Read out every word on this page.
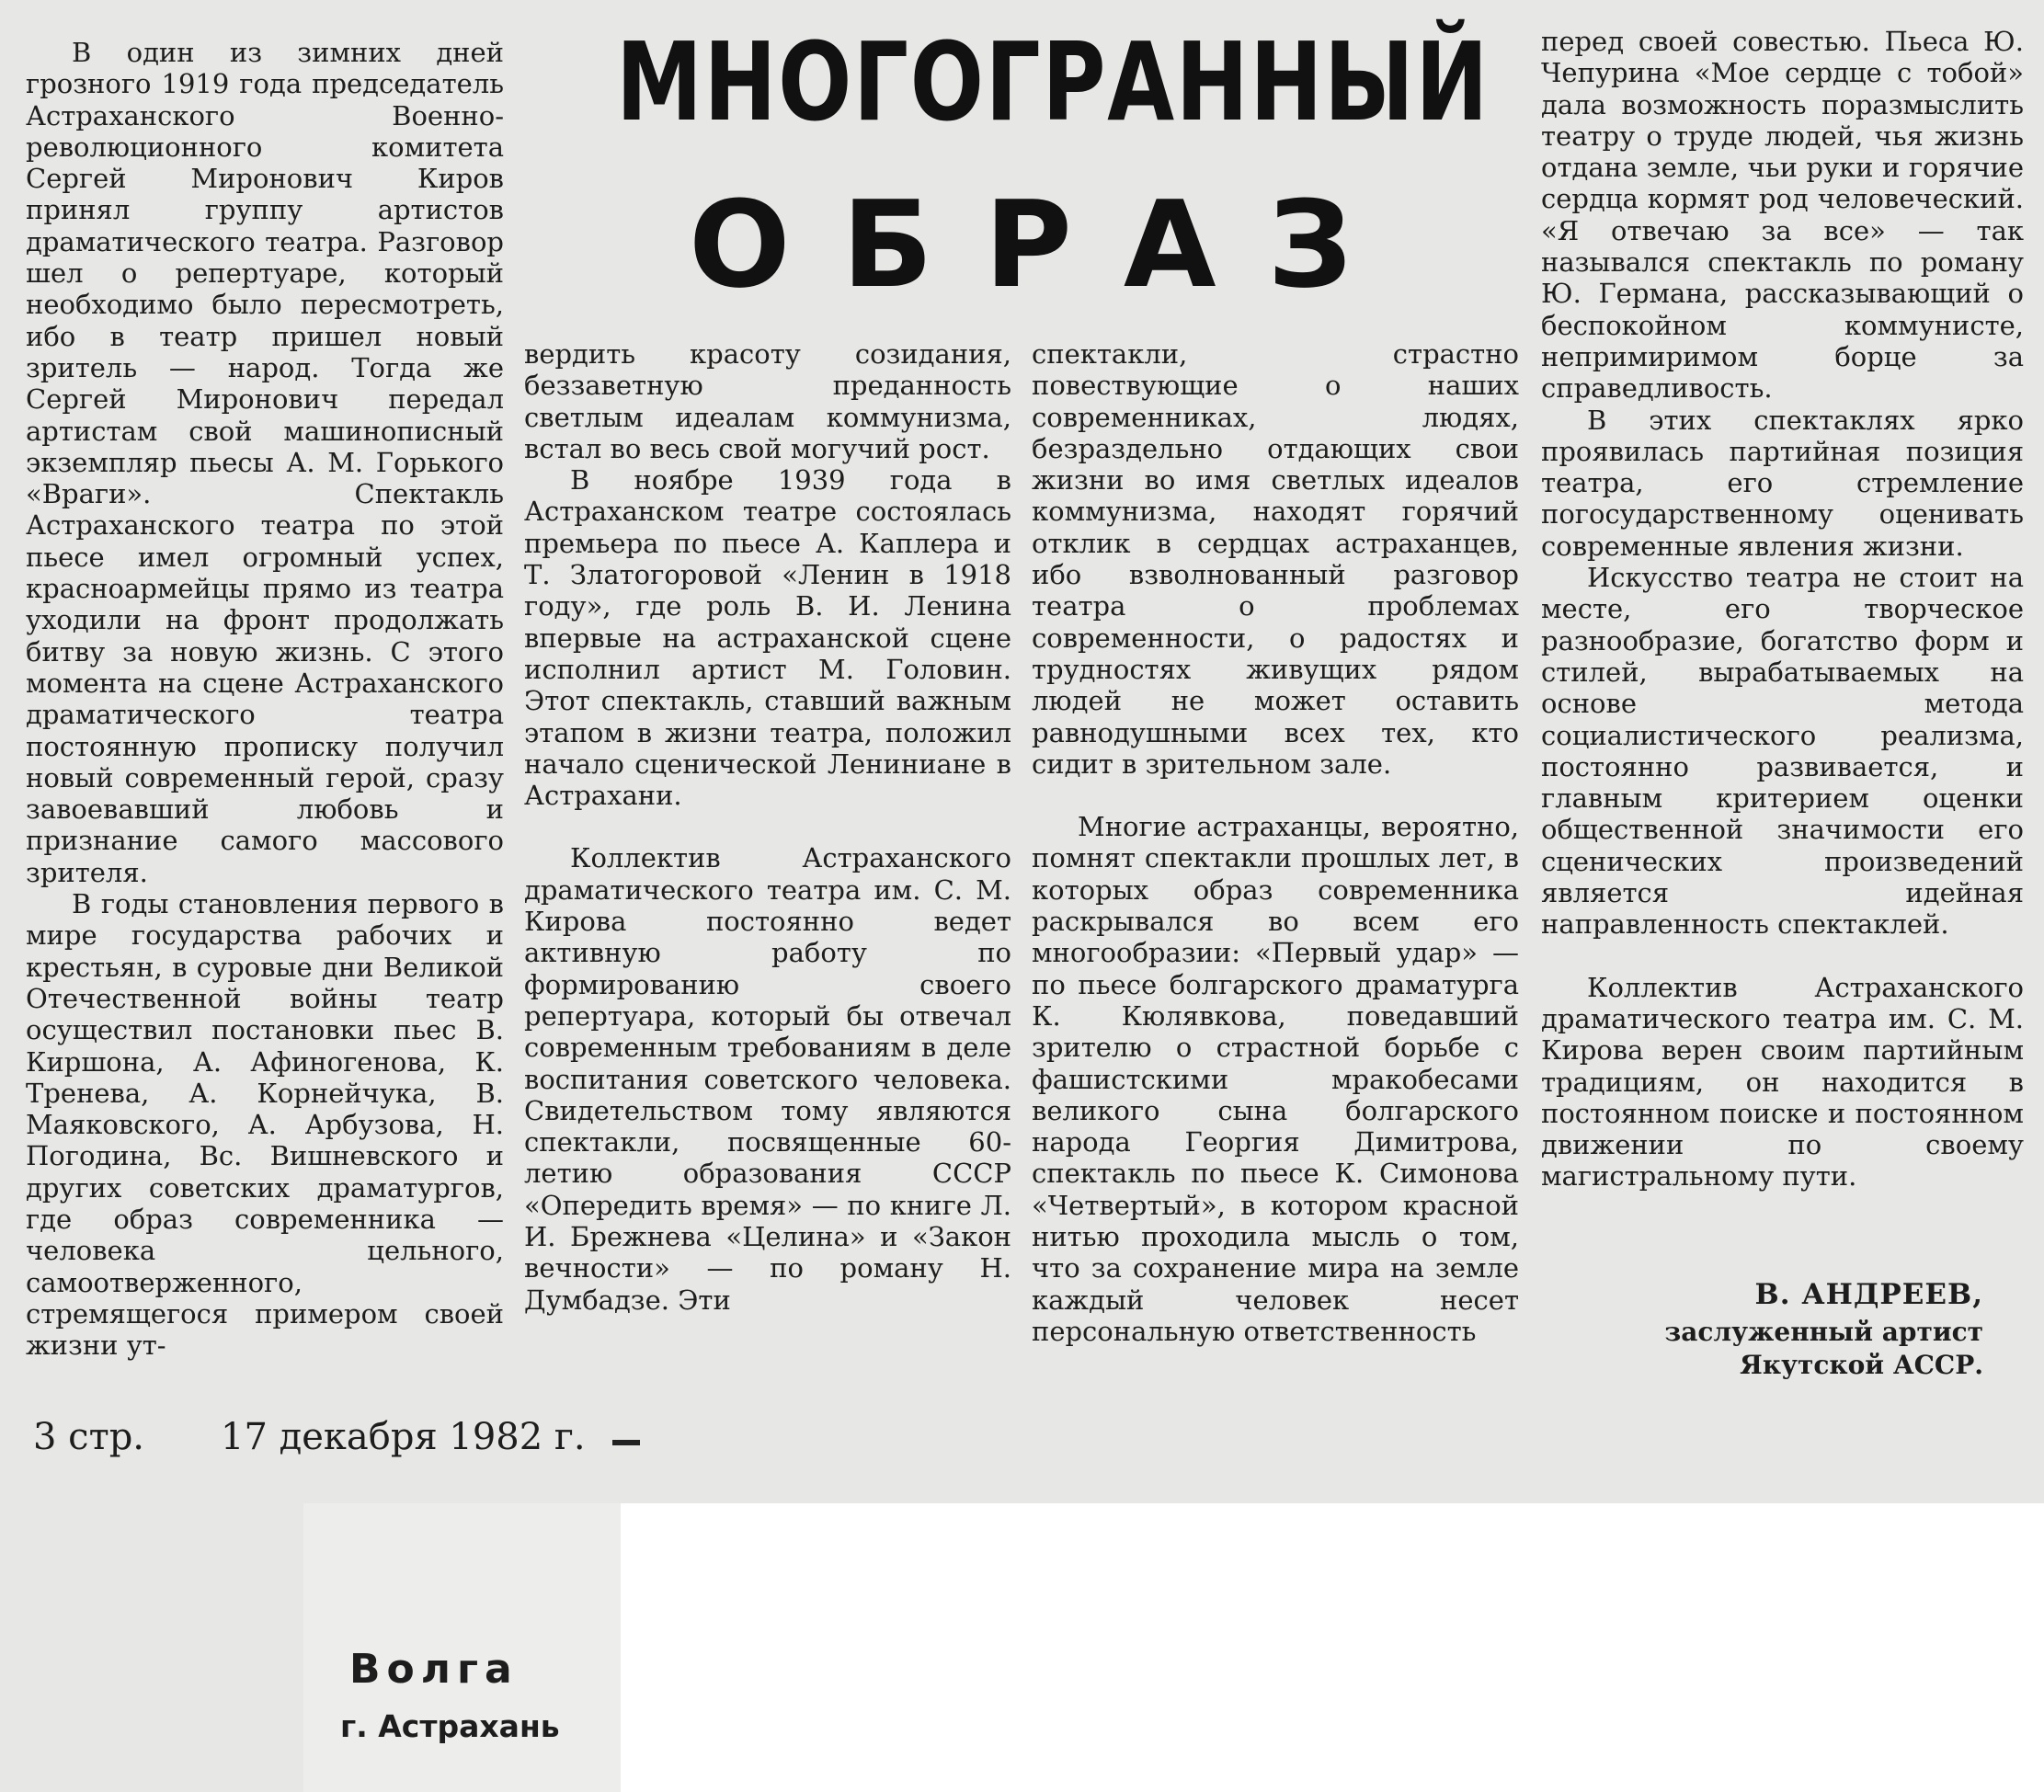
МНОГОГРАННЫЙ
ОБРАЗ

В один из зимних дней грозного 1919 года председатель Астраханского Военно-революционного комитета Сергей Миронович Киров принял группу артистов драматического театра. Разговор шел о репертуаре, который необходимо было пересмотреть, ибо в театр пришел новый зритель — народ. Тогда же Сергей Миронович передал артистам свой машинописный экземпляр пьесы А. М. Горького «Враги». Спектакль Астраханского театра по этой пьесе имел огромный успех, красноармейцы прямо из театра уходили на фронт продолжать битву за новую жизнь. С этого момента на сцене Астраханского драматического театра постоянную прописку получил новый современный герой, сразу завоевавший любовь и признание самого массового зрителя.

В годы становления первого в мире государства рабочих и крестьян, в суровые дни Великой Отечественной войны театр осуществил постановки пьес В. Киршона, А. Афиногенова, К. Тренева, А. Корнейчука, В. Маяковского, А. Арбузова, Н. Погодина, Вс. Вишневского и других советских драматургов, где образ современника — человека цельного, самоотверженного, стремящегося примером своей жизни ут-

вердить красоту созидания, беззаветную преданность светлым идеалам коммунизма, встал во весь свой могучий рост.

В ноябре 1939 года в Астраханском театре состоялась премьера по пьесе А. Каплера и Т. Златогоровой «Ленин в 1918 году», где роль В. И. Ленина впервые на астраханской сцене исполнил артист М. Головин. Этот спектакль, ставший важным этапом в жизни театра, положил начало сценической Лениниане в Астрахани.

Коллектив Астраханского драматического театра им. С. М. Кирова постоянно ведет активную работу по формированию своего репертуара, который бы отвечал современным требованиям в деле воспитания советского человека. Свидетельством тому являются спектакли, посвященные 60-летию образования СССР «Опередить время» — по книге Л. И. Брежнева «Целина» и «Закон вечности» — по роману Н. Думбадзе. Эти

спектакли, страстно повествующие о наших современниках, людях, безраздельно отдающих свои жизни во имя светлых идеалов коммунизма, находят горячий отклик в сердцах астраханцев, ибо взволнованный разговор театра о проблемах современности, о радостях и трудностях живущих рядом людей не может оставить равнодушными всех тех, кто сидит в зрительном зале.

Многие астраханцы, вероятно, помнят спектакли прошлых лет, в которых образ современника раскрывался во всем его многообразии: «Первый удар» — по пьесе болгарского драматурга К. Кюлявкова, поведавший зрителю о страстной борьбе с фашистскими мракобесами великого сына болгарского народа Георгия Димитрова, спектакль по пьесе К. Симонова «Четвертый», в котором красной нитью проходила мысль о том, что за сохранение мира на земле каждый человек несет персональную ответственность

перед своей совестью. Пьеса Ю. Чепурина «Мое сердце с тобой» дала возможность поразмыслить театру о труде людей, чья жизнь отдана земле, чьи руки и горячие сердца кормят род человеческий. «Я отвечаю за все» — так назывался спектакль по роману Ю. Германа, рассказывающий о беспокойном коммунисте, непримиримом борце за справедливость.

В этих спектаклях ярко проявилась партийная позиция театра, его стремление погосударственному оценивать современные явления жизни.

Искусство театра не стоит на месте, его творческое разнообразие, богатство форм и стилей, вырабатываемых на основе метода социалистического реализма, постоянно развивается, и главным критерием оценки общественной значимости его сценических произведений является идейная направленность спектаклей.

Коллектив Астраханского драматического театра им. С. М. Кирова верен своим партийным традициям, он находится в постоянном поиске и постоянном движении по своему магистральному пути.

В. АНДРЕЕВ,
заслуженный артист
Якутской АССР.
3 стр. 17 декабря 1982 г.
Волга
г. Астрахань
